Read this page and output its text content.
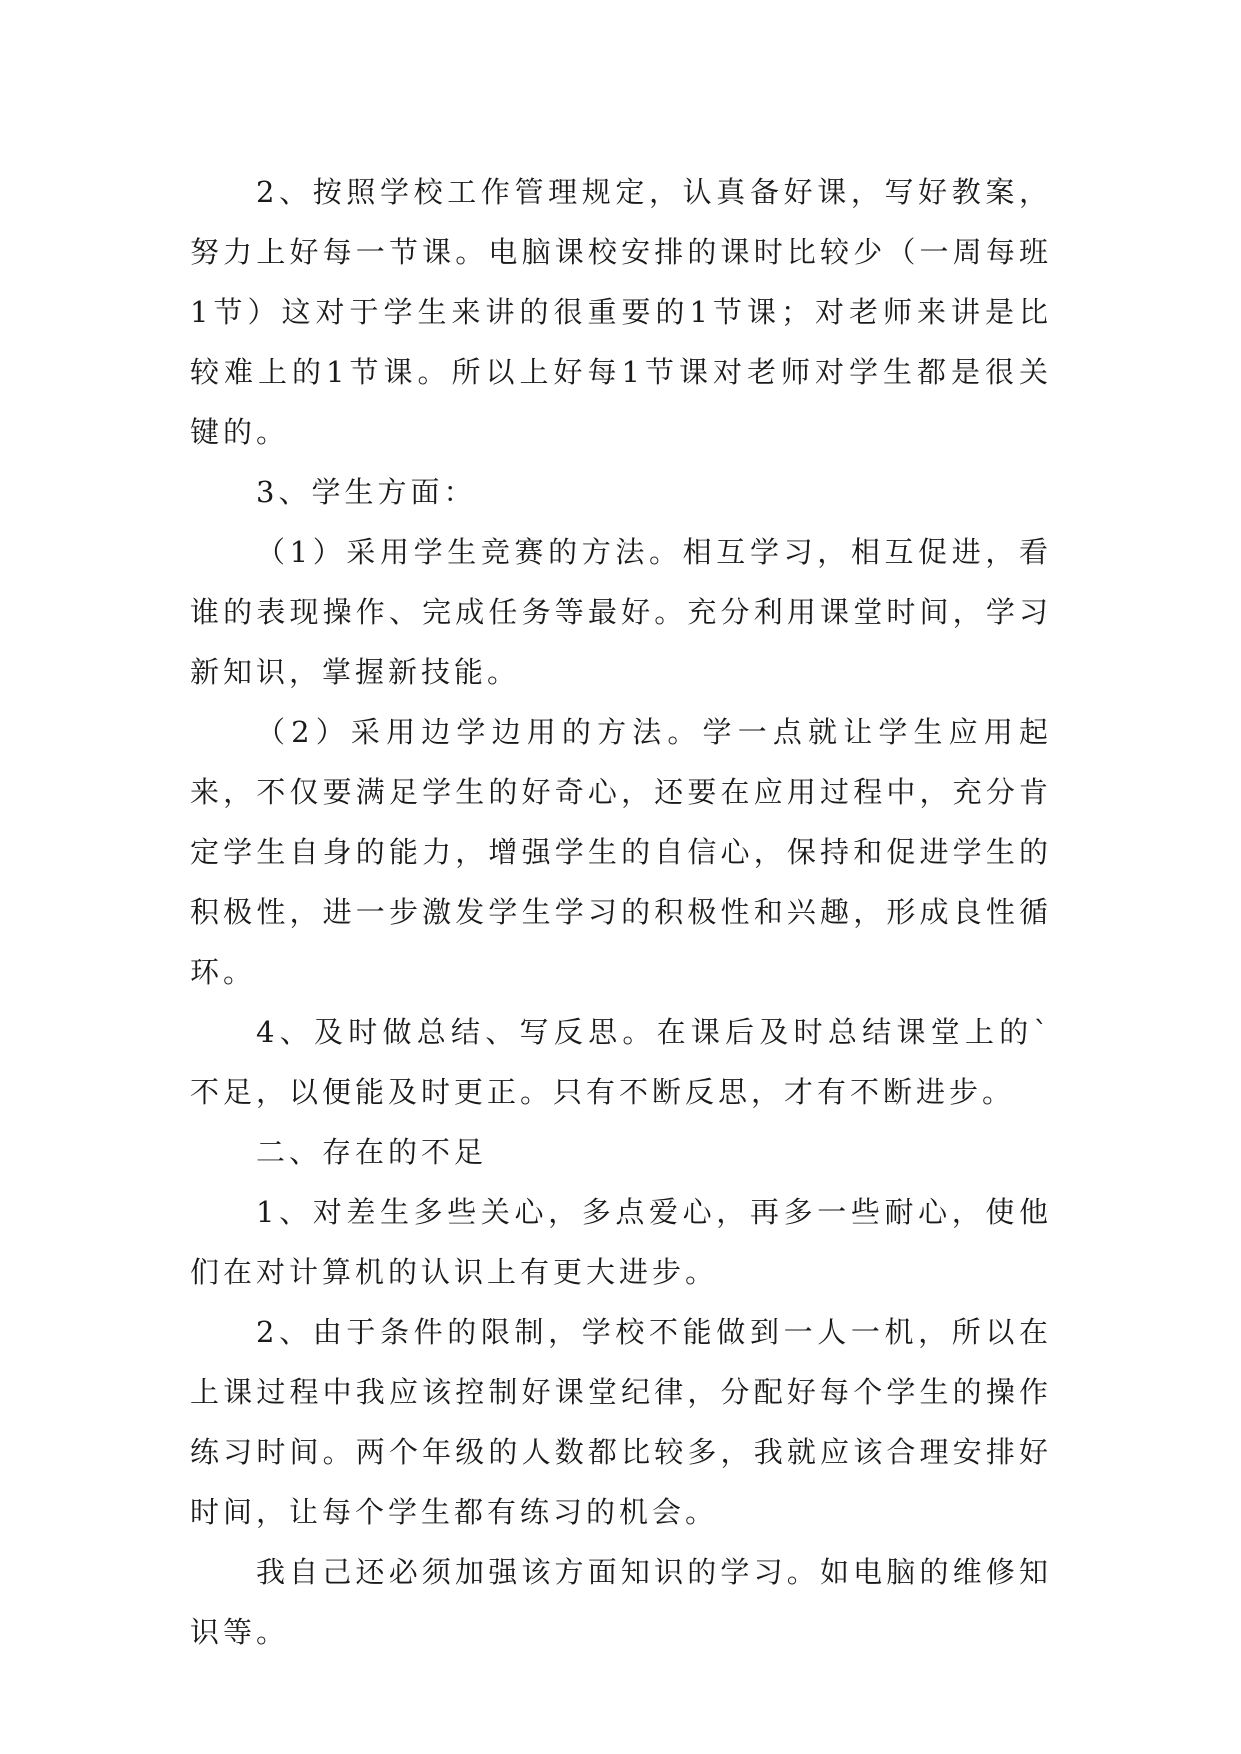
2、按照学校工作管理规定，认真备好课，写好教案，努力上好每一节课。电脑课校安排的课时比较少（一周每班1节）这对于学生来讲的很重要的1节课；对老师来讲是比较难上的1节课。所以上好每1节课对老师对学生都是很关键的。

3、学生方面：

（1）采用学生竞赛的方法。相互学习，相互促进，看谁的表现操作、完成任务等最好。充分利用课堂时间，学习新知识，掌握新技能。

（2）采用边学边用的方法。学一点就让学生应用起来，不仅要满足学生的好奇心，还要在应用过程中，充分肯定学生自身的能力，增强学生的自信心，保持和促进学生的积极性，进一步激发学生学习的积极性和兴趣，形成良性循环。

4、及时做总结、写反思。在课后及时总结课堂上的`不足，以便能及时更正。只有不断反思，才有不断进步。

二、存在的不足

1、对差生多些关心，多点爱心，再多一些耐心，使他们在对计算机的认识上有更大进步。

2、由于条件的限制，学校不能做到一人一机，所以在上课过程中我应该控制好课堂纪律，分配好每个学生的操作练习时间。两个年级的人数都比较多，我就应该合理安排好时间，让每个学生都有练习的机会。

我自己还必须加强该方面知识的学习。如电脑的维修知识等。
